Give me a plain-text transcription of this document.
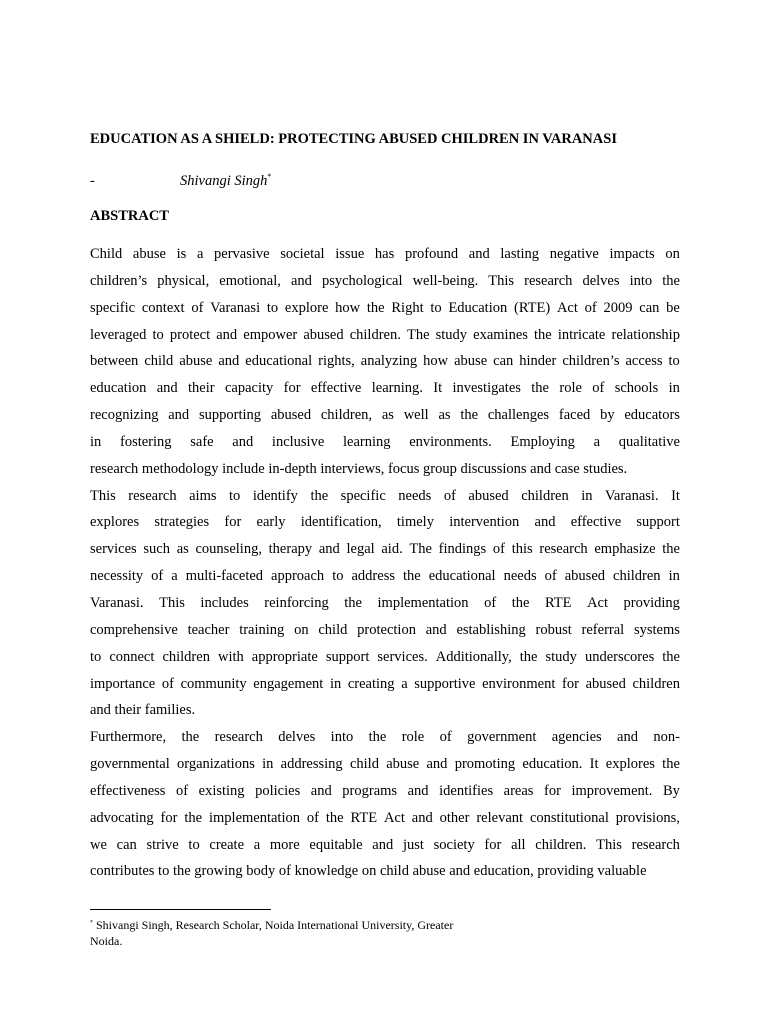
EDUCATION AS A SHIELD: PROTECTING ABUSED CHILDREN IN VARANASI
-	Shivangi Singh*
ABSTRACT
Child abuse is a pervasive societal issue has profound and lasting negative impacts on
children’s physical, emotional, and psychological well-being. This research delves into the
specific context of Varanasi to explore how the Right to Education (RTE) Act of 2009 can be
leveraged to protect and empower abused children. The study examines the intricate relationship
between child abuse and educational rights, analyzing how abuse can hinder children’s access to
education and their capacity for effective learning. It investigates the role of schools in
recognizing and supporting abused children, as well as the challenges faced by educators
in fostering safe and inclusive learning environments. Employing a qualitative
research methodology include in-depth interviews, focus group discussions and case studies.
This research aims to identify the specific needs of abused children in Varanasi. It
explores strategies for early identification, timely intervention and effective support
services such as counseling, therapy and legal aid. The findings of this research emphasize the
necessity of a multi-faceted approach to address the educational needs of abused children in
Varanasi. This includes reinforcing the implementation of the RTE Act providing
comprehensive teacher training on child protection and establishing robust referral systems
to connect children with appropriate support services. Additionally, the study underscores the
importance of community engagement in creating a supportive environment for abused children
and their families.
Furthermore, the research delves into the role of government agencies and non-
governmental organizations in addressing child abuse and promoting education. It explores the
effectiveness of existing policies and programs and identifies areas for improvement. By
advocating for the implementation of the RTE Act and other relevant constitutional provisions,
we can strive to create a more equitable and just society for all children. This research
contributes to the growing body of knowledge on child abuse and education, providing valuable
* Shivangi Singh, Research Scholar, Noida International University, Greater
Noida.
